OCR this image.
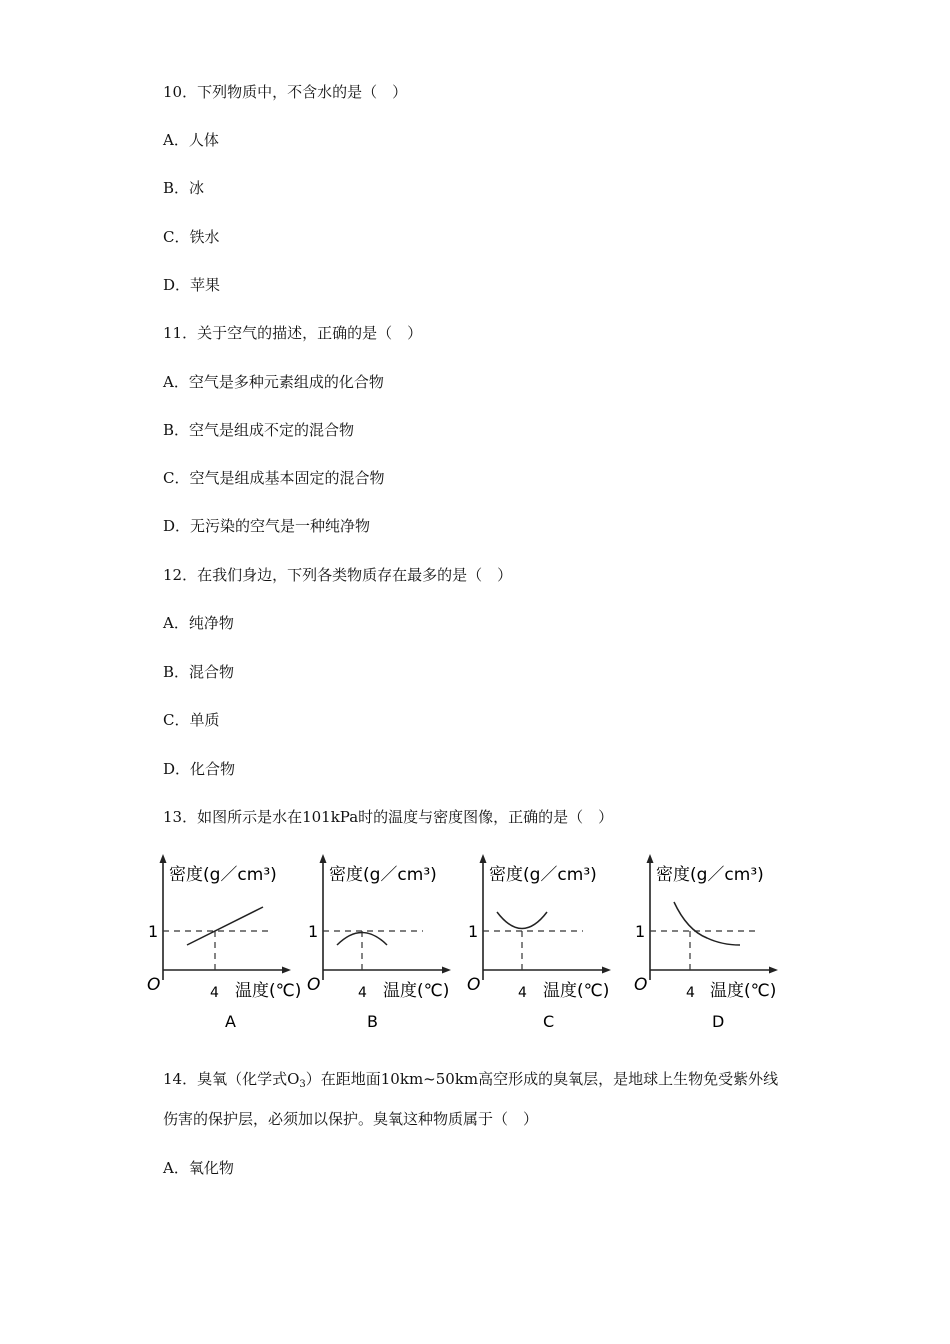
10．下列物质中，不含水的是（　）
A．人体
B．冰
C．铁水
D．苹果
11．关于空气的描述，正确的是（　）
A．空气是多种元素组成的化合物
B．空气是组成不定的混合物
C．空气是组成基本固定的混合物
D．无污染的空气是一种纯净物
12．在我们身边，下列各类物质存在最多的是（　）
A．纯净物
B．混合物
C．单质
D．化合物
13．如图所示是水在101kPa时的温度与密度图像，正确的是（　）
密度(g／cm³)
1
O	4 温度(℃)
A
密度(g／cm³)
1
O	4 温度(℃)
B
密度(g／cm³)
1
O	4 温度(℃)
C
密度(g／cm³)
1
O	4 温度(℃)
D
14．臭氧（化学式$O_3$）在距地面10km~50km高空形成的臭氧层，是地球上生物免受紫外线
伤害的保护层，必须加以保护。臭氧这种物质属于（　）
A．氧化物
